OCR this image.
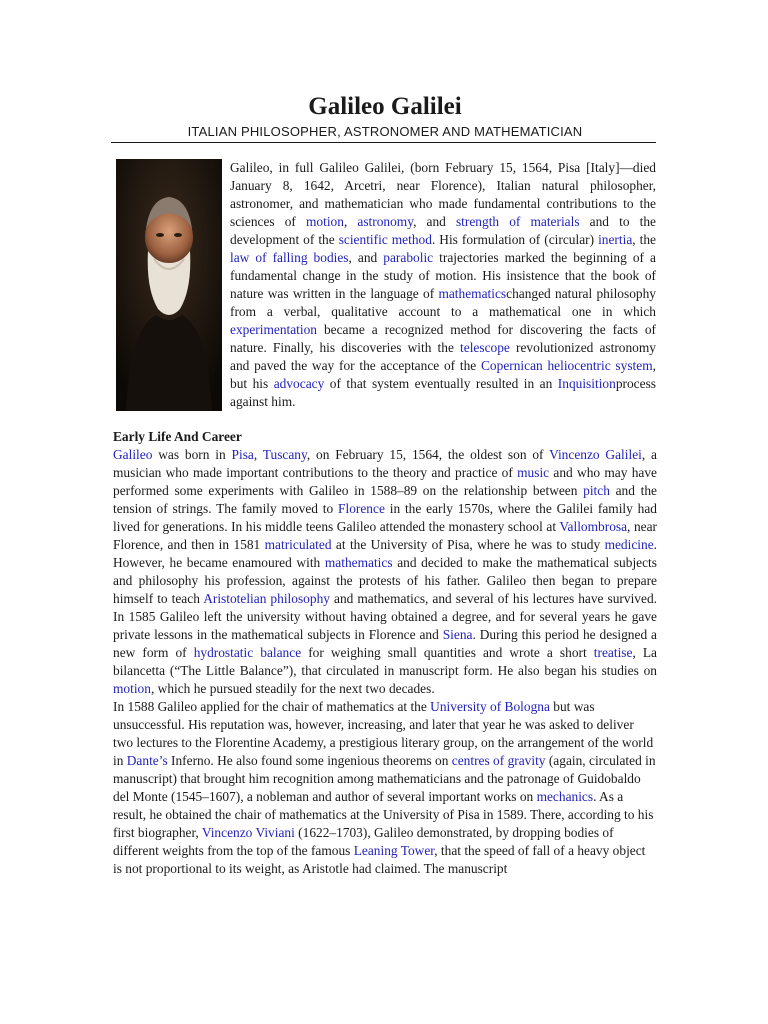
Galileo Galilei

ITALIAN PHILOSOPHER, ASTRONOMER AND MATHEMATICIAN

Galileo, in full Galileo Galilei, (born February 15, 1564, Pisa [Italy]—died January 8, 1642, Arcetri, near Florence), Italian natural philosopher, astronomer, and mathematician who made fundamental contributions to the sciences of motion, astronomy, and strength of materials and to the development of the scientific method. His formulation of (circular) inertia, the law of falling bodies, and parabolic trajectories marked the beginning of a fundamental change in the study of motion. His insistence that the book of nature was written in the language of mathematicschanged natural philosophy from a verbal, qualitative account to a mathematical one in which experimentation became a recognized method for discovering the facts of nature. Finally, his discoveries with the telescope revolutionized astronomy and paved the way for the acceptance of the Copernican heliocentric system, but his advocacy of that system eventually resulted in an Inquisitionprocess against him.

Early Life And Career

Galileo was born in Pisa, Tuscany, on February 15, 1564, the oldest son of Vincenzo Galilei, a musician who made important contributions to the theory and practice of music and who may have performed some experiments with Galileo in 1588–89 on the relationship between pitch and the tension of strings. The family moved to Florence in the early 1570s, where the Galilei family had lived for generations. In his middle teens Galileo attended the monastery school at Vallombrosa, near Florence, and then in 1581 matriculated at the University of Pisa, where he was to study medicine. However, he became enamoured with mathematics and decided to make the mathematical subjects and philosophy his profession, against the protests of his father. Galileo then began to prepare himself to teach Aristotelian philosophy and mathematics, and several of his lectures have survived. In 1585 Galileo left the university without having obtained a degree, and for several years he gave private lessons in the mathematical subjects in Florence and Siena. During this period he designed a new form of hydrostatic balance for weighing small quantities and wrote a short treatise, La bilancetta (“The Little Balance”), that circulated in manuscript form. He also began his studies on motion, which he pursued steadily for the next two decades.

In 1588 Galileo applied for the chair of mathematics at the University of Bologna but was unsuccessful. His reputation was, however, increasing, and later that year he was asked to deliver two lectures to the Florentine Academy, a prestigious literary group, on the arrangement of the world in Dante’s Inferno. He also found some ingenious theorems on centres of gravity (again, circulated in manuscript) that brought him recognition among mathematicians and the patronage of Guidobaldo del Monte (1545–1607), a nobleman and author of several important works on mechanics. As a result, he obtained the chair of mathematics at the University of Pisa in 1589. There, according to his first biographer, Vincenzo Viviani (1622–1703), Galileo demonstrated, by dropping bodies of different weights from the top of the famous Leaning Tower, that the speed of fall of a heavy object is not proportional to its weight, as Aristotle had claimed. The manuscript
